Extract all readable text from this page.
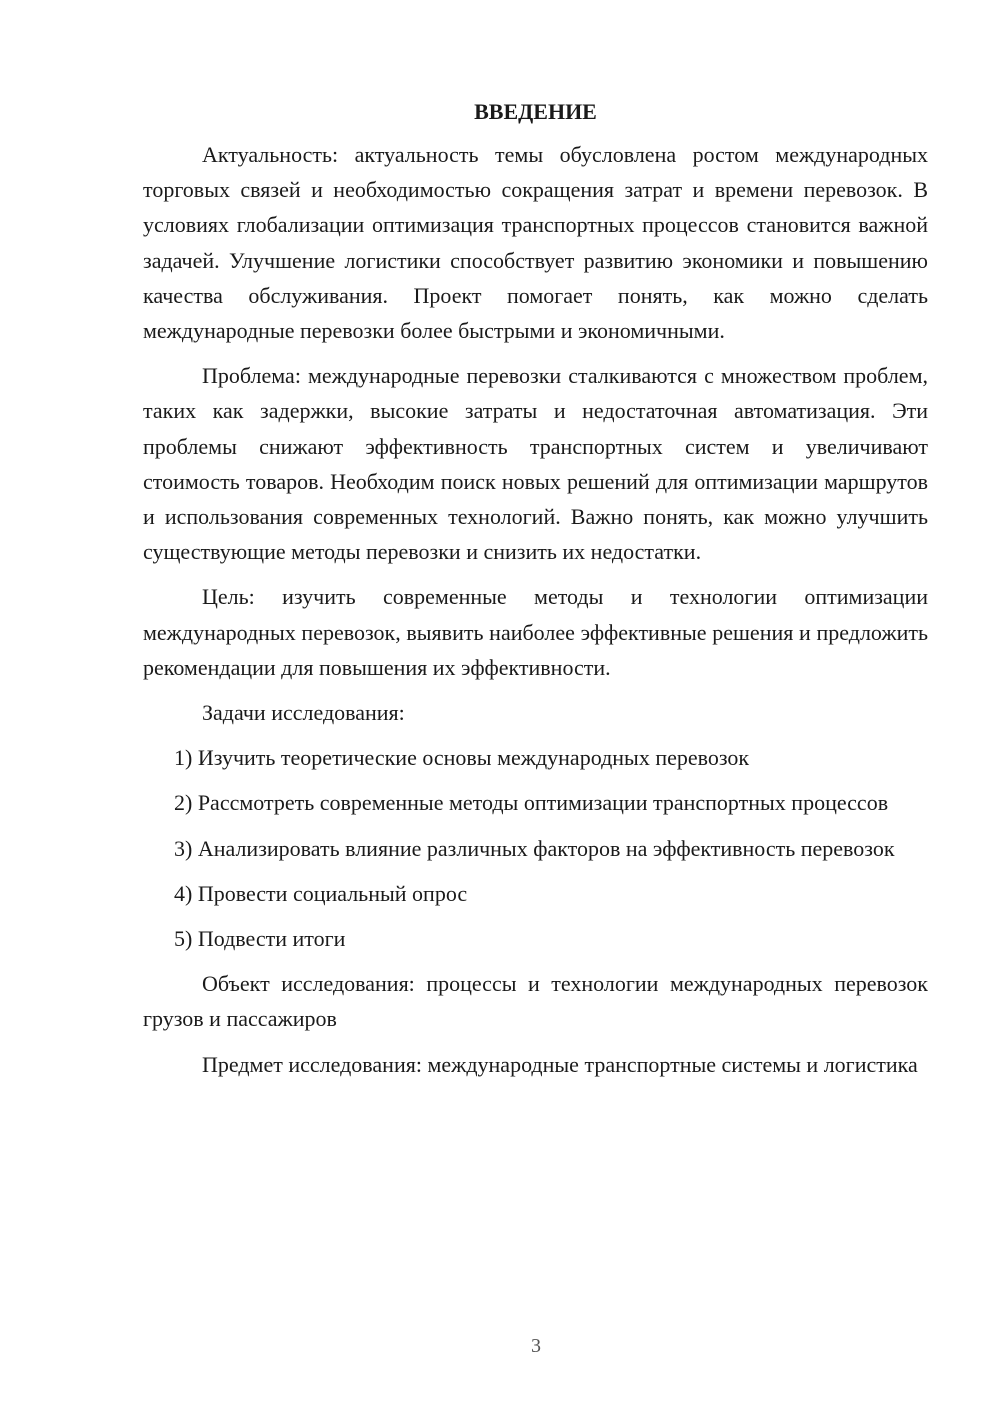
ВВЕДЕНИЕ

Актуальность: актуальность темы обусловлена ростом международных торговых связей и необходимостью сокращения затрат и времени перевозок. В условиях глобализации оптимизация транспортных процессов становится важной задачей. Улучшение логистики способствует развитию экономики и повышению качества обслуживания. Проект помогает понять, как можно сделать международные перевозки более быстрыми и экономичными.

Проблема: международные перевозки сталкиваются с множеством проблем, таких как задержки, высокие затраты и недостаточная автоматизация. Эти проблемы снижают эффективность транспортных систем и увеличивают стоимость товаров. Необходим поиск новых решений для оптимизации маршрутов и использования современных технологий. Важно понять, как можно улучшить существующие методы перевозки и снизить их недостатки.

Цель: изучить современные методы и технологии оптимизации международных перевозок, выявить наиболее эффективные решения и предложить рекомендации для повышения их эффективности.

Задачи исследования:

1) Изучить теоретические основы международных перевозок

2) Рассмотреть современные методы оптимизации транспортных процессов

3) Анализировать влияние различных факторов на эффективность перевозок

4) Провести социальный опрос

5) Подвести итоги

Объект исследования: процессы и технологии международных перевозок грузов и пассажиров

Предмет исследования: международные транспортные системы и логистика

3
